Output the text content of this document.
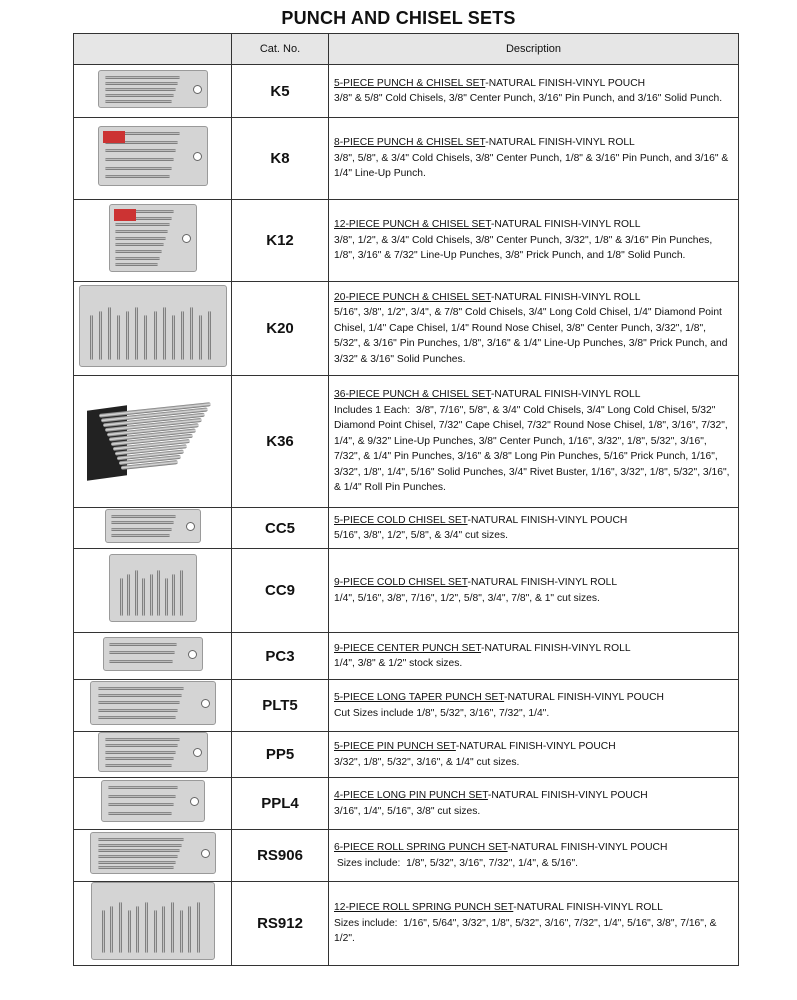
PUNCH AND CHISEL SETS
	Cat. No.	Description

	K5	5-PIECE PUNCH & CHISEL SET-NATURAL FINISH-VINYL POUCH
3/8" & 5/8" Cold Chisels, 3/8" Center Punch, 3/16" Pin Punch, and 3/16" Solid Punch.

	K8	8-PIECE PUNCH & CHISEL SET-NATURAL FINISH-VINYL ROLL
3/8", 5/8", & 3/4" Cold Chisels, 3/8" Center Punch, 1/8" & 3/16" Pin Punch, and 3/16" & 1/4" Line-Up Punch.

	K12	12-PIECE PUNCH & CHISEL SET-NATURAL FINISH-VINYL ROLL
3/8", 1/2", & 3/4" Cold Chisels, 3/8" Center Punch, 3/32", 1/8" & 3/16" Pin Punches, 1/8", 3/16" & 7/32" Line-Up Punches, 3/8" Prick Punch, and 1/8" Solid Punch.

	K20	20-PIECE PUNCH & CHISEL SET-NATURAL FINISH-VINYL ROLL
5/16", 3/8", 1/2", 3/4", & 7/8" Cold Chisels, 3/4" Long Cold Chisel, 1/4" Diamond Point Chisel, 1/4" Cape Chisel, 1/4" Round Nose Chisel, 3/8" Center Punch, 3/32", 1/8", 5/32", & 3/16" Pin Punches, 1/8", 3/16" & 1/4" Line-Up Punches, 3/8" Prick Punch, and 3/32" & 3/16" Solid Punches.

	K36	36-PIECE PUNCH & CHISEL SET-NATURAL FINISH-VINYL ROLL
Includes 1 Each:  3/8", 7/16", 5/8", & 3/4" Cold Chisels, 3/4" Long Cold Chisel, 5/32" Diamond Point Chisel, 7/32" Cape Chisel, 7/32" Round Nose Chisel, 1/8", 3/16", 7/32", 1/4", & 9/32" Line-Up Punches, 3/8" Center Punch, 1/16", 3/32", 1/8", 5/32", 3/16", 7/32", & 1/4" Pin Punches, 3/16" & 3/8" Long Pin Punches, 5/16" Prick Punch, 1/16", 3/32", 1/8", 1/4", 5/16" Solid Punches, 3/4" Rivet Buster, 1/16", 3/32", 1/8", 5/32", 3/16", & 1/4" Roll Pin Punches.

	CC5	5-PIECE COLD CHISEL SET-NATURAL FINISH-VINYL POUCH
5/16", 3/8", 1/2", 5/8", & 3/4" cut sizes.

	CC9	9-PIECE COLD CHISEL SET-NATURAL FINISH-VINYL ROLL
1/4", 5/16", 3/8", 7/16", 1/2", 5/8", 3/4", 7/8", & 1" cut sizes.

	PC3	9-PIECE CENTER PUNCH SET-NATURAL FINISH-VINYL ROLL
1/4", 3/8" & 1/2" stock sizes.

	PLT5	5-PIECE LONG TAPER PUNCH SET-NATURAL FINISH-VINYL POUCH
Cut Sizes include 1/8", 5/32", 3/16", 7/32", 1/4".

	PP5	5-PIECE PIN PUNCH SET-NATURAL FINISH-VINYL POUCH
3/32", 1/8", 5/32", 3/16", & 1/4" cut sizes.

	PPL4	4-PIECE LONG PIN PUNCH SET-NATURAL FINISH-VINYL POUCH
3/16", 1/4", 5/16", 3/8" cut sizes.

	RS906	6-PIECE ROLL SPRING PUNCH SET-NATURAL FINISH-VINYL POUCH
Sizes include:  1/8", 5/32", 3/16", 7/32", 1/4", & 5/16".

	RS912	12-PIECE ROLL SPRING PUNCH SET-NATURAL FINISH-VINYL ROLL
Sizes include:  1/16", 5/64", 3/32", 1/8", 5/32", 3/16", 7/32", 1/4", 5/16", 3/8", 7/16", & 1/2".
